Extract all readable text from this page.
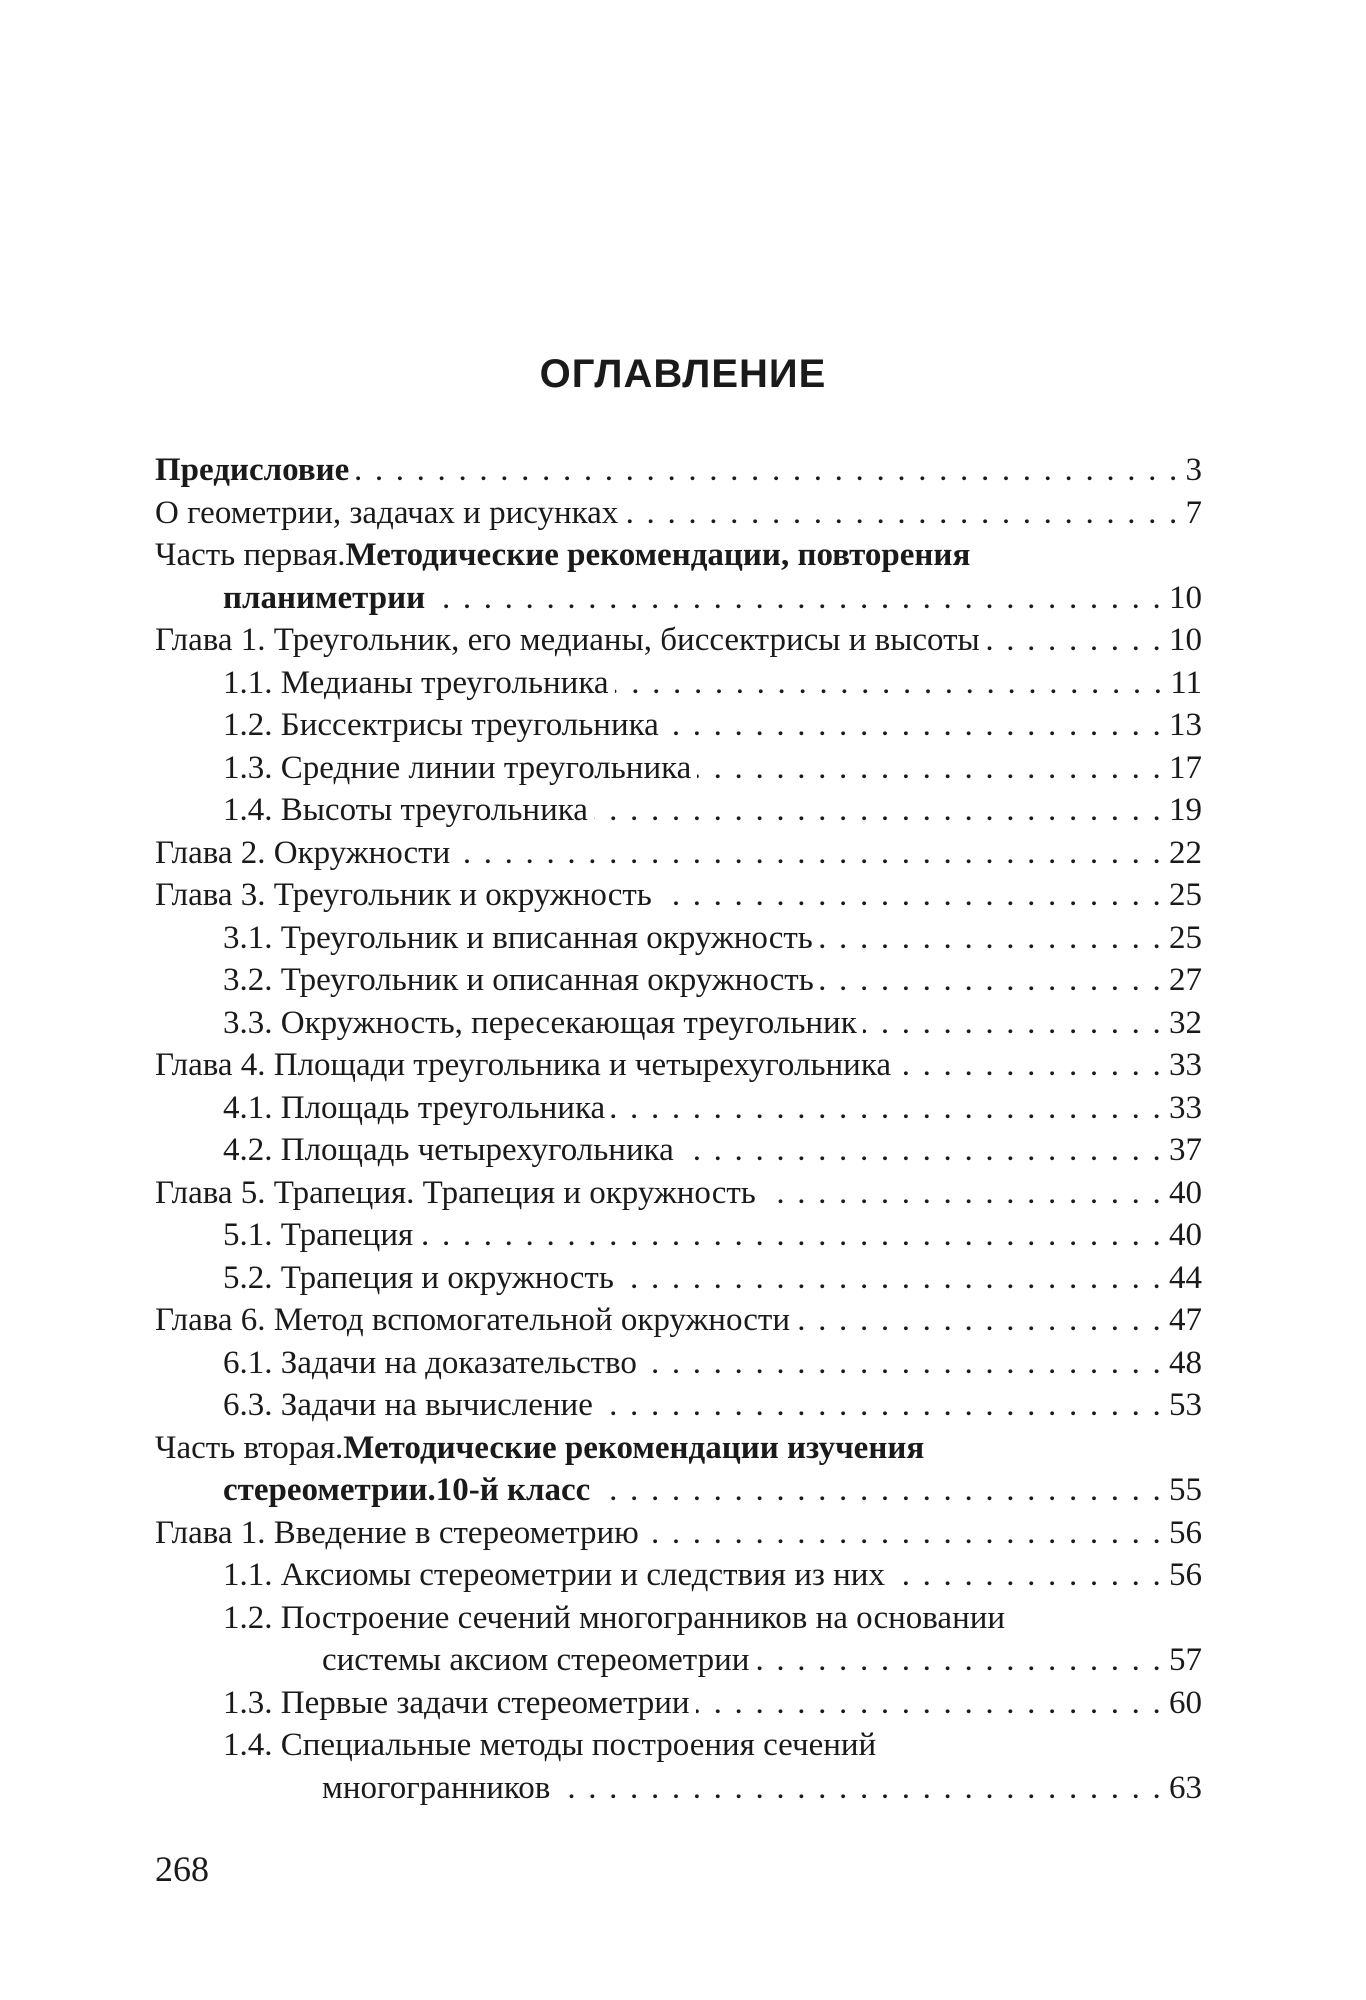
ОГЛАВЛЕНИЕ
Предисловие . . .	3
О геометрии, задачах и рисунках . . .	7
Часть первая. Методические рекомендации, повторения
планиметрии . . .	10
Глава 1. Треугольник, его медианы, биссектрисы и высоты . . .	10
1.1. Медианы треугольника . . .	11
1.2. Биссектрисы треугольника . . .	13
1.3. Средние линии треугольника . . .	17
1.4. Высоты треугольника . . .	19
Глава 2. Окружности . . .	22
Глава 3. Треугольник и окружность . . .	25
3.1. Треугольник и вписанная окружность . . .	25
3.2. Треугольник и описанная окружность . . .	27
3.3. Окружность, пересекающая треугольник . . .	32
Глава 4. Площади треугольника и четырехугольника . . .	33
4.1. Площадь треугольника . . .	33
4.2. Площадь четырехугольника . . .	37
Глава 5. Трапеция. Трапеция и окружность . . .	40
5.1. Трапеция . . .	40
5.2. Трапеция и окружность . . .	44
Глава 6. Метод вспомогательной окружности . . .	47
6.1. Задачи на доказательство . . .	48
6.3. Задачи на вычисление . . .	53
Часть вторая. Методические рекомендации изучения
стереометрии.10-й класс . . .	55
Глава 1. Введение в стереометрию . . .	56
1.1. Аксиомы стереометрии и следствия из них . . .	56
1.2. Построение сечений многогранников на основании
системы аксиом стереометрии . . .	57
1.3. Первые задачи стереометрии . . .	60
1.4. Специальные методы построения сечений
многогранников . . .	63
268
